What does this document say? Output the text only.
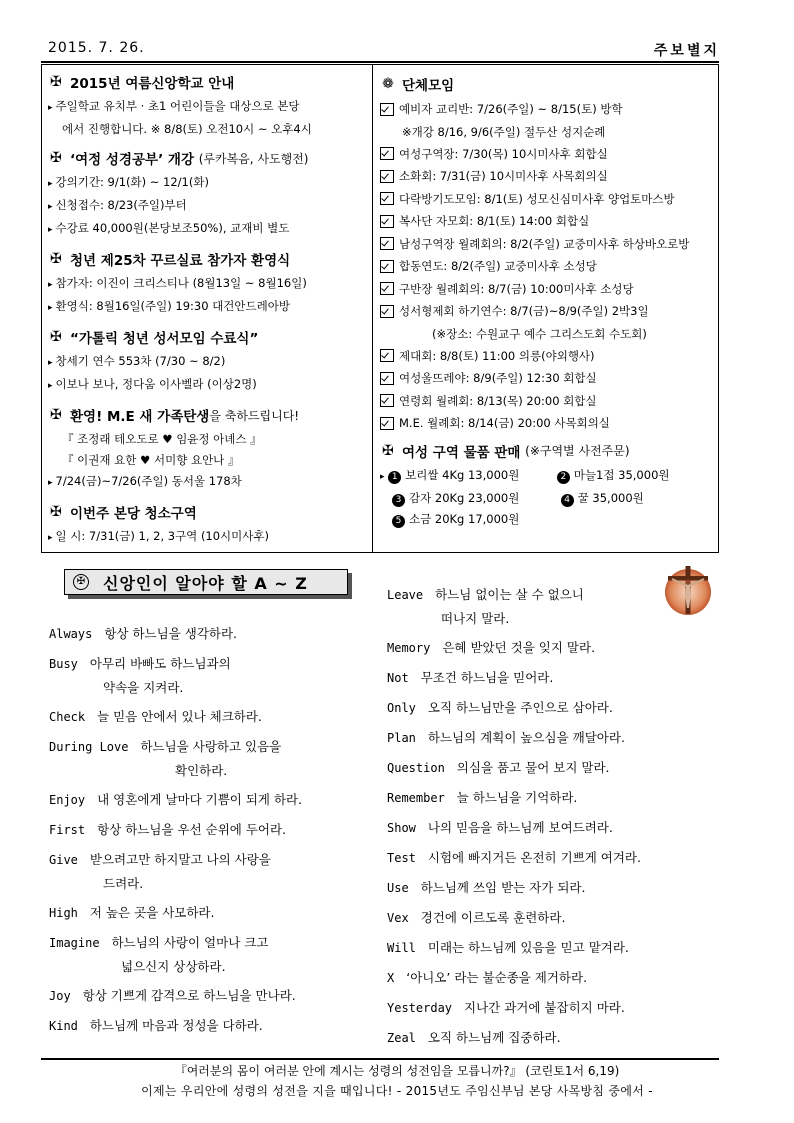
2015. 7. 26.	주보별지
✠ 2015년 여름신앙학교 안내
▸ 주일학교 유치부 · 초1 어린이들을 대상으로 본당
에서 진행합니다. ※ 8/8(토) 오전10시 ~ 오후4시
✠ ‘여정 성경공부’ 개강
(루카복음, 사도행전)
▸ 강의기간: 9/1(화) ~ 12/1(화)
▸ 신청접수: 8/23(주일)부터
▸ 수강료 40,000원(본당보조50%), 교재비 별도
✠ 청년 제25차 꾸르실료 참가자 환영식
▸ 참가자: 이진이 크리스티나 (8월13일 ~ 8월16일)
▸ 환영식: 8월16일(주일) 19:30 대건안드레아방
✠ “가톨릭 청년 성서모임 수료식”
▸ 창세기 연수 553차 (7/30 ~ 8/2)
▸ 이보나 보나, 정다움 이사벨라 (이상2명)
✠ 환영! M.E 새 가족탄생 을 축하드립니다!
『 조정래 테오도로 ♥ 임윤정 아녜스 』
『 이권재 요한 ♥ 서미향 요안나 』
▸ 7/24(금)~7/26(주일) 동서울 178차
✠ 이번주 본당 청소구역
▸ 일 시: 7/31(금) 1, 2, 3구역 (10시미사후)
❁ 단체모임
예비자 교리반: 7/26(주일) ~ 8/15(토) 방학
※개강 8/16, 9/6(주일) 절두산 성지순례
여성구역장: 7/30(목) 10시미사후 회합실
소화회: 7/31(금) 10시미사후 사목회의실
다락방기도모임: 8/1(토) 성모신심미사후 양업토마스방
복사단 자모회: 8/1(토) 14:00 회합실
남성구역장 월례회의: 8/2(주일) 교중미사후 하상바오로방
합동연도: 8/2(주일) 교중미사후 소성당
구반장 월례회의: 8/7(금) 10:00미사후 소성당
성서형제회 하기연수: 8/7(금)~8/9(주일) 2박3일
(※장소: 수원교구 예수 그리스도회 수도회)
제대회: 8/8(토) 11:00 의릉(야외행사)
여성울뜨레야: 8/9(주일) 12:30 회합실
연령회 월례회: 8/13(목) 20:00 회합실
M.E. 월례회: 8/14(금) 20:00 사목회의실
✠ 여성 구역 물품 판매
(※구역별 사전주문)
▸ 1 보리쌀 4Kg 13,000원	2 마늘1접 35,000원
3 감자 20Kg 23,000원	4 꿀 35,000원
5 소금 20Kg 17,000원
✠ 신앙인이 알아야 할 A ~ Z
Always 항상 하느님을 생각하라.
Busy 아무리 바빠도 하느님과의
약속을 지켜라.
Check 늘 믿음 안에서 있나 체크하라.
During Love 하느님을 사랑하고 있음을
확인하라.
Enjoy 내 영혼에게 날마다 기쁨이 되게 하라.
First 항상 하느님을 우선 순위에 두어라.
Give 받으려고만 하지말고 나의 사랑을
드려라.
High 저 높은 곳을 사모하라.
Imagine 하느님의 사랑이 얼마나 크고
넓으신지 상상하라.
Joy 항상 기쁘게 감격으로 하느님을 만나라.
Kind 하느님께 마음과 정성을 다하라.
Leave 하느님 없이는 살 수 없으니
떠나지 말라.
Memory 은혜 받았던 것을 잊지 말라.
Not 무조건 하느님을 믿어라.
Only 오직 하느님만을 주인으로 삼아라.
Plan 하느님의 계획이 높으심을 깨달아라.
Question 의심을 품고 물어 보지 말라.
Remember 늘 하느님을 기억하라.
Show 나의 믿음을 하느님께 보여드려라.
Test 시험에 빠지거든 온전히 기쁘게 여겨라.
Use 하느님께 쓰임 받는 자가 되라.
Vex 경건에 이르도록 훈련하라.
Will 미래는 하느님께 있음을 믿고 맡겨라.
X ‘아니오’ 라는 불순종을 제거하라.
Yesterday 지나간 과거에 붙잡히지 마라.
Zeal 오직 하느님께 집중하라.
『여러분의 몸이 여러분 안에 계시는 성령의 성전임을 모릅니까?』 (코린토1서 6,19)
이제는 우리안에 성령의 성전을 지을 때입니다! - 2015년도 주임신부님 본당 사목방침 중에서 -
